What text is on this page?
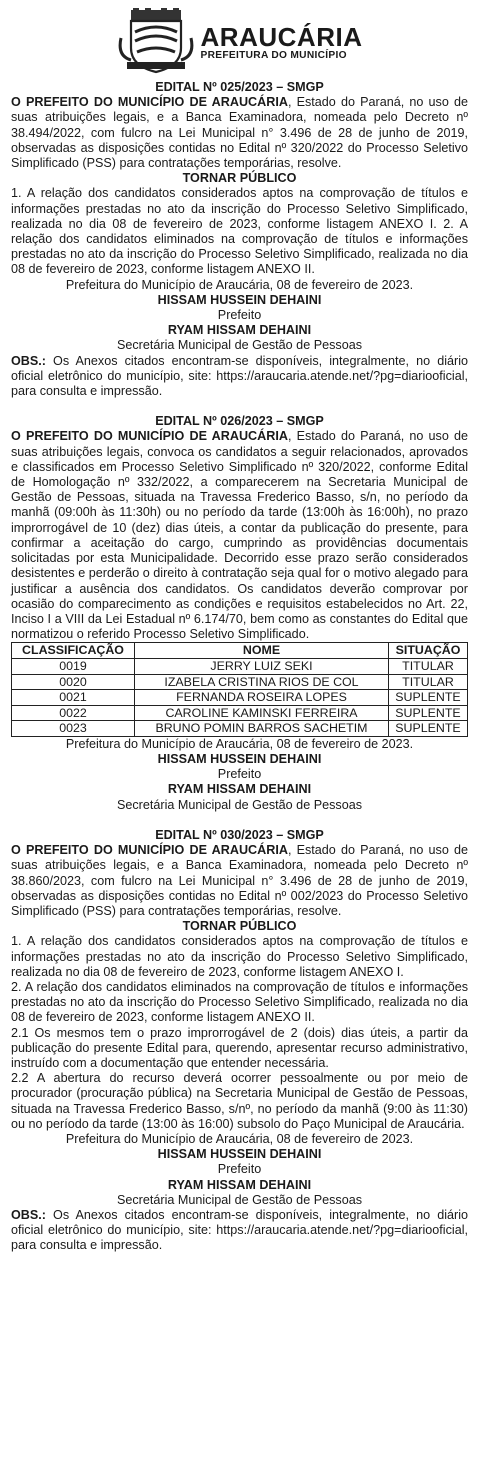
ARAUCÁRIA
PREFEITURA DO MUNICÍPIO
EDITAL Nº 025/2023 – SMGP
O PREFEITO DO MUNICÍPIO DE ARAUCÁRIA, Estado do Paraná, no uso de suas atribuições legais, e a Banca Examinadora, nomeada pelo Decreto nº 38.494/2022, com fulcro na Lei Municipal n° 3.496 de 28 de junho de 2019, observadas as disposições contidas no Edital nº 320/2022 do Processo Seletivo Simplificado (PSS) para contratações temporárias, resolve.
TORNAR PÚBLICO
1. A relação dos candidatos considerados aptos na comprovação de títulos e informações prestadas no ato da inscrição do Processo Seletivo Simplificado, realizada no dia 08 de fevereiro de 2023, conforme listagem ANEXO I. 2. A relação dos candidatos eliminados na comprovação de títulos e informações prestadas no ato da inscrição do Processo Seletivo Simplificado, realizada no dia 08 de fevereiro de 2023, conforme listagem ANEXO II.
Prefeitura do Município de Araucária, 08 de fevereiro de 2023.
HISSAM HUSSEIN DEHAINI
Prefeito
RYAM HISSAM DEHAINI
Secretária Municipal de Gestão de Pessoas
OBS.: Os Anexos citados encontram-se disponíveis, integralmente, no diário oficial eletrônico do município, site: https://araucaria.atende.net/?pg=diariooficial, para consulta e impressão.
EDITAL Nº 026/2023 – SMGP
O PREFEITO DO MUNICÍPIO DE ARAUCÁRIA, Estado do Paraná, no uso de suas atribuições legais, convoca os candidatos a seguir relacionados, aprovados e classificados em Processo Seletivo Simplificado nº 320/2022, conforme Edital de Homologação nº 332/2022, a comparecerem na Secretaria Municipal de Gestão de Pessoas, situada na Travessa Frederico Basso, s/n, no período da manhã (09:00h às 11:30h) ou no período da tarde (13:00h às 16:00h), no prazo improrrogável de 10 (dez) dias úteis, a contar da publicação do presente, para confirmar a aceitação do cargo, cumprindo as providências documentais solicitadas por esta Municipalidade. Decorrido esse prazo serão considerados desistentes e perderão o direito à contratação seja qual for o motivo alegado para justificar a ausência dos candidatos. Os candidatos deverão comprovar por ocasião do comparecimento as condições e requisitos estabelecidos no Art. 22, Inciso I a VIII da Lei Estadual nº 6.174/70, bem como as constantes do Edital que normatizou o referido Processo Seletivo Simplificado.
CLASSIFICAÇÃO	NOME	SITUAÇÃO
0019	JERRY LUIZ SEKI	TITULAR
0020	IZABELA CRISTINA RIOS DE COL	TITULAR
0021	FERNANDA ROSEIRA LOPES	SUPLENTE
0022	CAROLINE KAMINSKI FERREIRA	SUPLENTE
0023	BRUNO POMIN BARROS SACHETIM	SUPLENTE
Prefeitura do Município de Araucária, 08 de fevereiro de 2023.
HISSAM HUSSEIN DEHAINI
Prefeito
RYAM HISSAM DEHAINI
Secretária Municipal de Gestão de Pessoas
EDITAL Nº 030/2023 – SMGP
O PREFEITO DO MUNICÍPIO DE ARAUCÁRIA, Estado do Paraná, no uso de suas atribuições legais, e a Banca Examinadora, nomeada pelo Decreto nº 38.860/2023, com fulcro na Lei Municipal n° 3.496 de 28 de junho de 2019, observadas as disposições contidas no Edital nº 002/2023 do Processo Seletivo Simplificado (PSS) para contratações temporárias, resolve.
TORNAR PÚBLICO
1. A relação dos candidatos considerados aptos na comprovação de títulos e informações prestadas no ato da inscrição do Processo Seletivo Simplificado, realizada no dia 08 de fevereiro de 2023, conforme listagem ANEXO I.
2. A relação dos candidatos eliminados na comprovação de títulos e informações prestadas no ato da inscrição do Processo Seletivo Simplificado, realizada no dia 08 de fevereiro de 2023, conforme listagem ANEXO II.
2.1 Os mesmos tem o prazo improrrogável de 2 (dois) dias úteis, a partir da publicação do presente Edital para, querendo, apresentar recurso administrativo, instruído com a documentação que entender necessária.
2.2 A abertura do recurso deverá ocorrer pessoalmente ou por meio de procurador (procuração pública) na Secretaria Municipal de Gestão de Pessoas, situada na Travessa Frederico Basso, s/nº, no período da manhã (9:00 às 11:30) ou no período da tarde (13:00 às 16:00) subsolo do Paço Municipal de Araucária.
Prefeitura do Município de Araucária, 08 de fevereiro de 2023.
HISSAM HUSSEIN DEHAINI
Prefeito
RYAM HISSAM DEHAINI
Secretária Municipal de Gestão de Pessoas
OBS.: Os Anexos citados encontram-se disponíveis, integralmente, no diário oficial eletrônico do município, site: https://araucaria.atende.net/?pg=diariooficial, para consulta e impressão.
